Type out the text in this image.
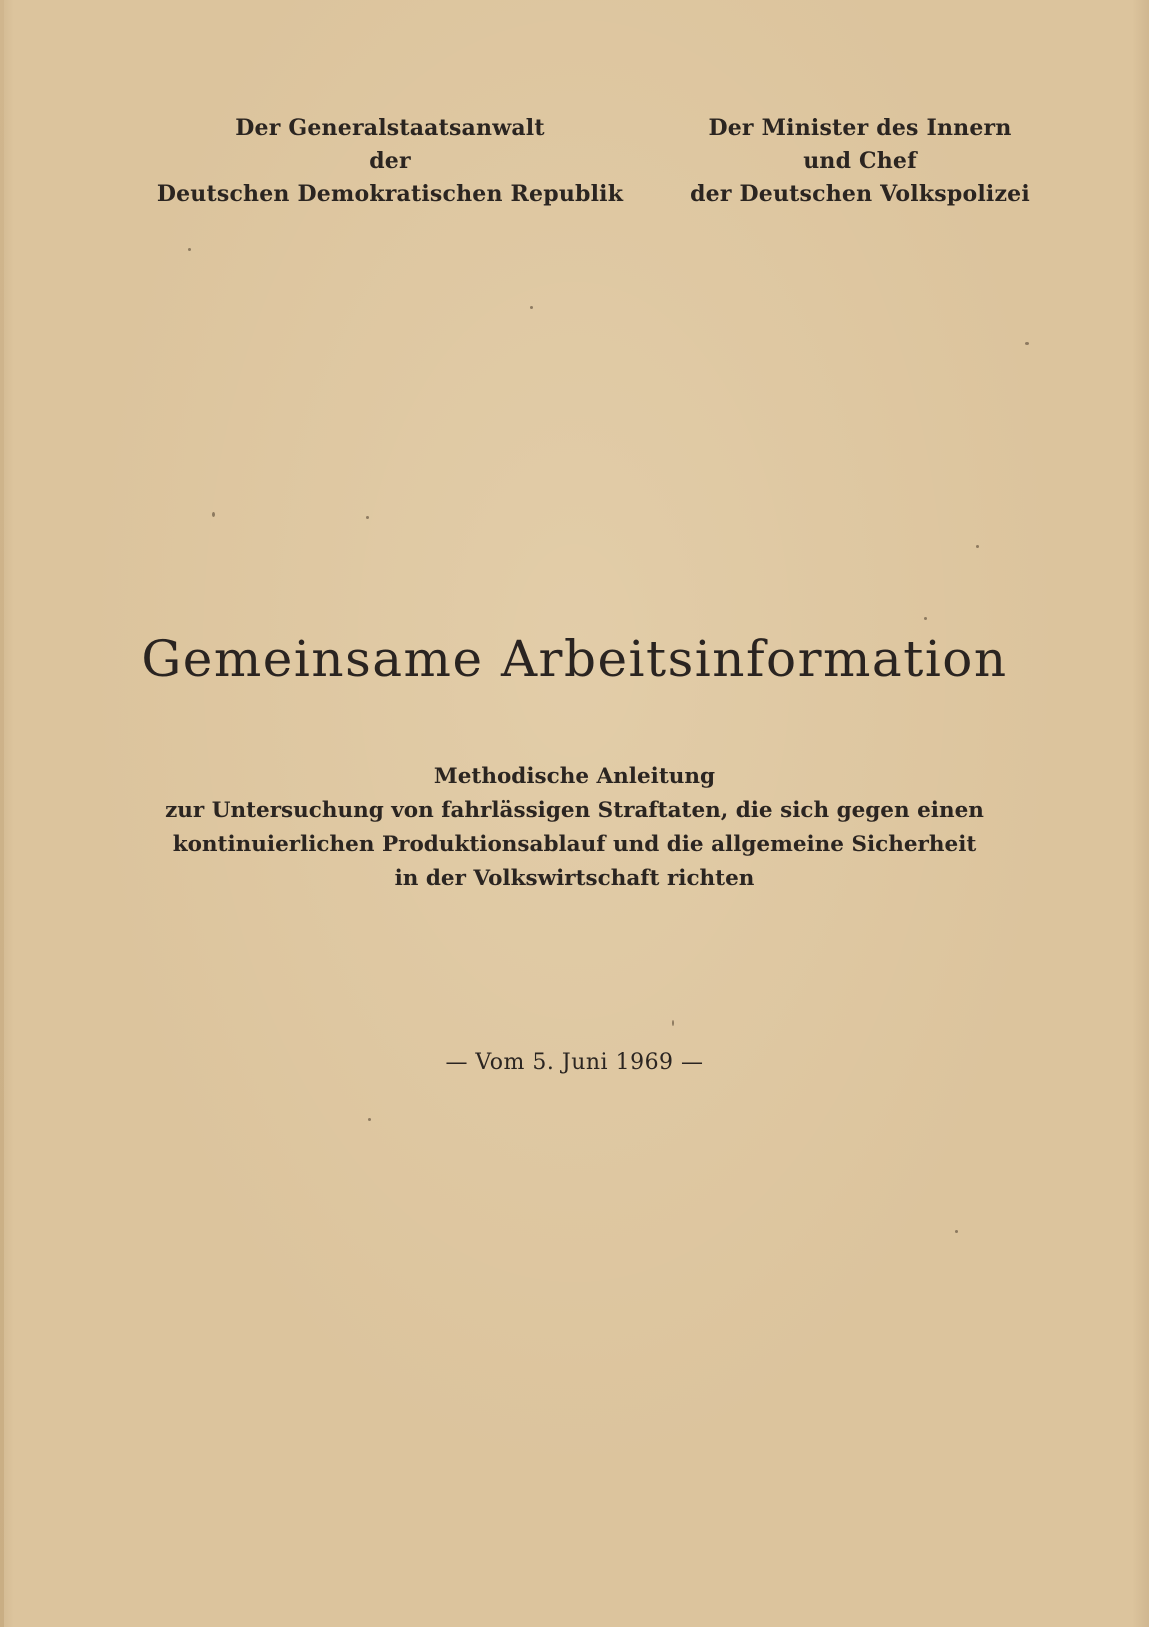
Der Generalstaatsanwalt
der
Deutschen Demokratischen Republik
Der Minister des Innern
und Chef
der Deutschen Volkspolizei
Gemeinsame Arbeitsinformation
Methodische Anleitung
zur Untersuchung von fahrlässigen Straftaten, die sich gegen einen
kontinuierlichen Produktionsablauf und die allgemeine Sicherheit
in der Volkswirtschaft richten
— Vom 5. Juni 1969 —
